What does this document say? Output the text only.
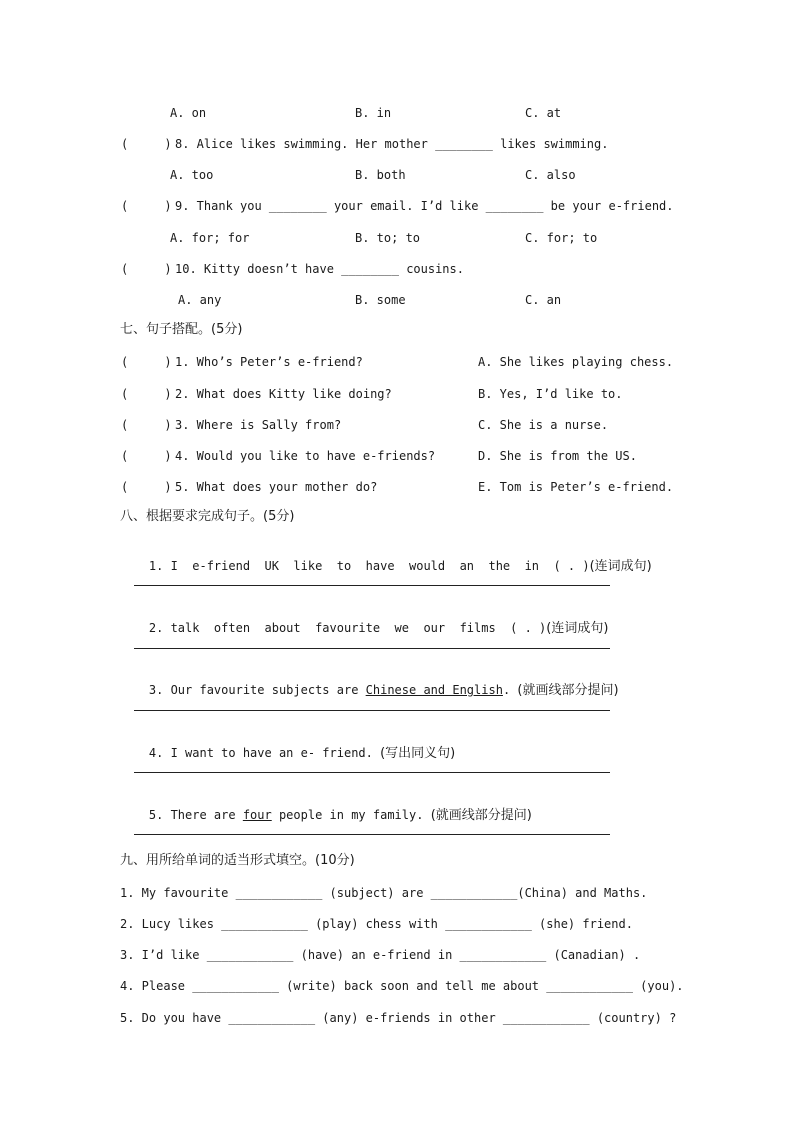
A. on	B. in	C. at
(     ) 8. Alice likes swimming. Her mother ________ likes swimming.
A. too	B. both	C. also
(     ) 9. Thank you ________ your email. I’d like ________ be your e-friend.
A. for; for	B. to; to	C. for; to
(     ) 10. Kitty doesn’t have ________ cousins.
A. any	B. some	C. an
七、句子搭配。(5分)
(     ) 1. Who’s Peter’s e-friend?	A. She likes playing chess.
(     ) 2. What does Kitty like doing?	B. Yes, I’d like to.
(     ) 3. Where is Sally from?	C. She is a nurse.
(     ) 4. Would you like to have e-friends?	D. She is from the US.
(     ) 5. What does your mother do?	E. Tom is Peter’s e-friend.
八、根据要求完成句子。(5分)

1. I  e-friend  UK  like  to  have  would  an  the  in  ( . )(连词成句)

2. talk  often  about  favourite  we  our  films  ( . )(连词成句)

3. Our favourite subjects are Chinese and English. (就画线部分提问)

4. I want to have an e- friend. (写出同义句)

5. There are four people in my family. (就画线部分提问)

九、用所给单词的适当形式填空。(10分)
1. My favourite ____________ (subject) are ____________(China) and Maths.
2. Lucy likes ____________ (play) chess with ____________ (she) friend.
3. I’d like ____________ (have) an e-friend in ____________ (Canadian) .
4. Please ____________ (write) back soon and tell me about ____________ (you).
5. Do you have ____________ (any) e-friends in other ____________ (country) ?
